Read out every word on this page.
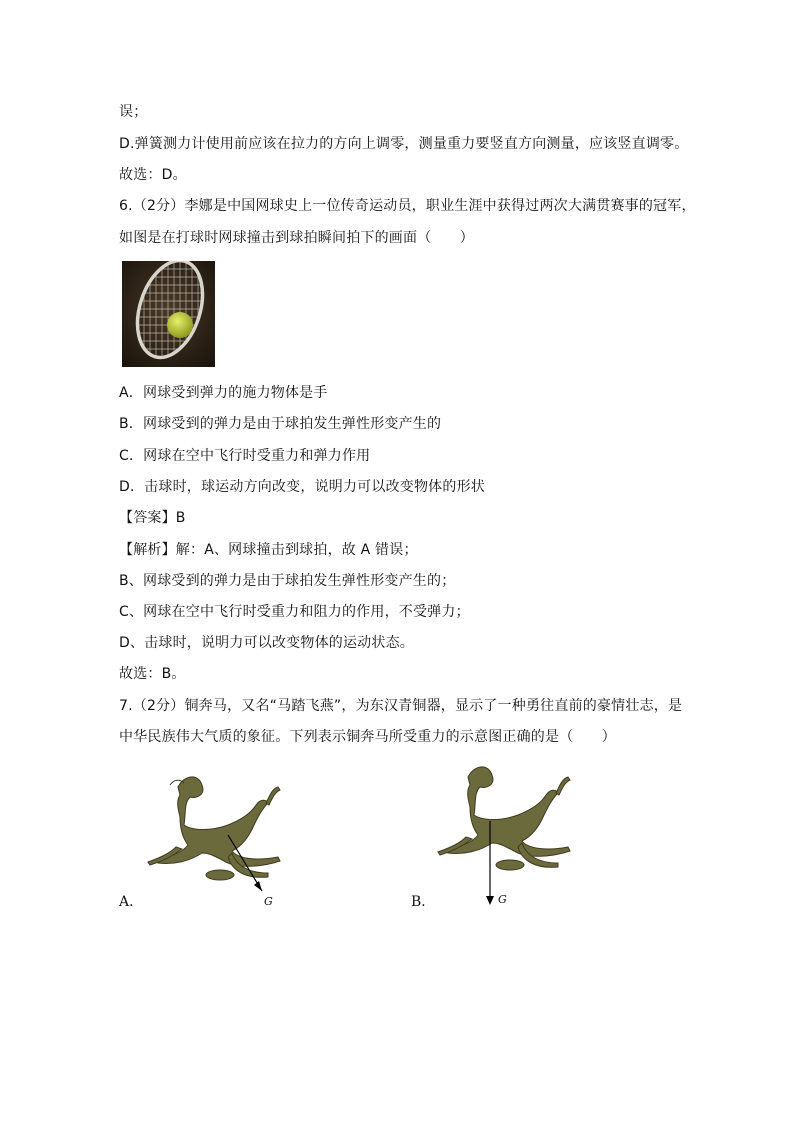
误；
D.弹簧测力计使用前应该在拉力的方向上调零，测量重力要竖直方向测量，应该竖直调零。
故选：D。
6.（2分）李娜是中国网球史上一位传奇运动员，职业生涯中获得过两次大满贯赛事的冠军，
如图是在打球时网球撞击到球拍瞬间拍下的画面（　　）
A．网球受到弹力的施力物体是手
B．网球受到的弹力是由于球拍发生弹性形变产生的
C．网球在空中飞行时受重力和弹力作用
D．击球时，球运动方向改变，说明力可以改变物体的形状
【答案】B
【解析】解：A、网球撞击到球拍，故 A 错误；
B、网球受到的弹力是由于球拍发生弹性形变产生的；
C、网球在空中飞行时受重力和阻力的作用，不受弹力；
D、击球时，说明力可以改变物体的运动状态。
故选：B。
7.（2分）铜奔马，又名“马踏飞燕”，为东汉青铜器，显示了一种勇往直前的豪情壮志，是
中华民族伟大气质的象征。下列表示铜奔马所受重力的示意图正确的是（　　）
A．	G	B．	G
